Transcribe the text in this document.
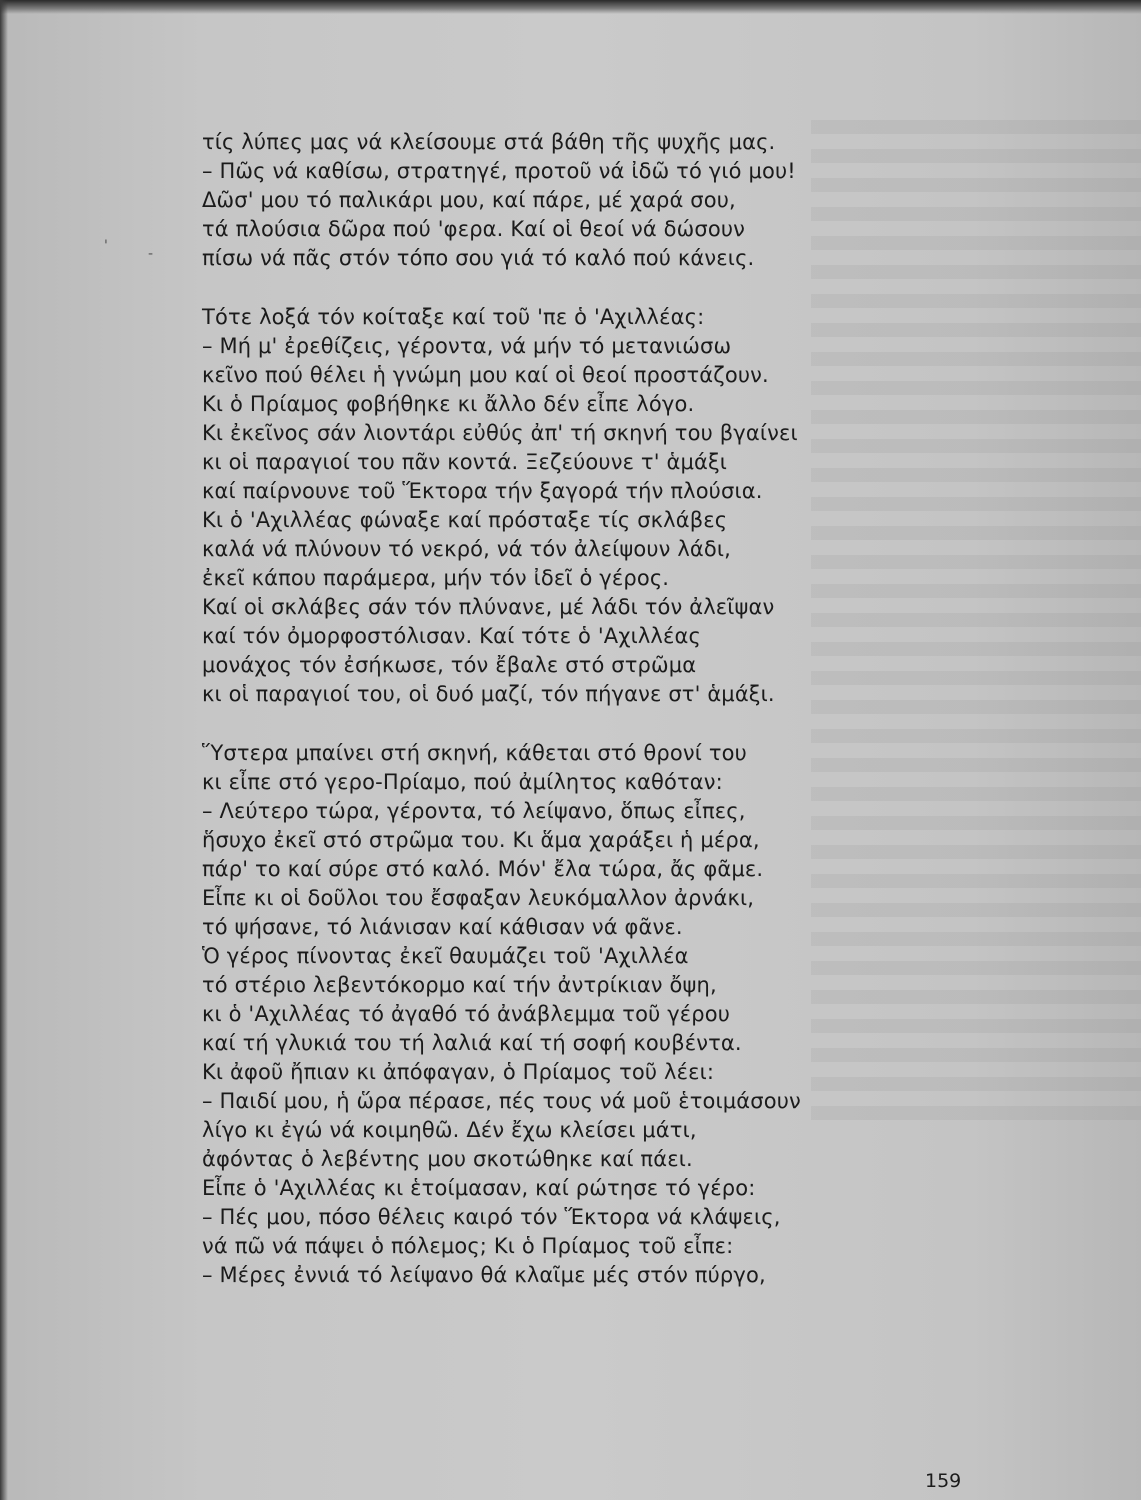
'	-

τίς λύπες μας νά κλείσουμε στά βάθη τῆς ψυχῆς μας.

– Πῶς νά καθίσω, στρατηγέ, προτοῦ νά ἰδῶ τό γιό μου!

Δῶσ' μου τό παλικάρι μου, καί πάρε, μέ χαρά σου,

τά πλούσια δῶρα πού 'φερα. Καί οἱ θεοί νά δώσουν

πίσω νά πᾶς στόν τόπο σου γιά τό καλό πού κάνεις.

Τότε λοξά τόν κοίταξε καί τοῦ 'πε ὁ 'Αχιλλέας:

– Μή μ' ἐρεθίζεις, γέροντα, νά μήν τό μετανιώσω

κεῖνο πού θέλει ἡ γνώμη μου καί οἱ θεοί προστάζουν.

Κι ὁ Πρίαμος φοβήθηκε κι ἄλλο δέν εἶπε λόγο.

Κι ἐκεῖνος σάν λιοντάρι εὐθύς ἀπ' τή σκηνή του βγαίνει

κι οἱ παραγιοί του πᾶν κοντά. Ξεζεύουνε τ' ἁμάξι

καί παίρνουνε τοῦ Ἕκτορα τήν ξαγορά τήν πλούσια.

Κι ὁ 'Αχιλλέας φώναξε καί πρόσταξε τίς σκλάβες

καλά νά πλύνουν τό νεκρό, νά τόν ἀλείψουν λάδι,

ἐκεῖ κάπου παράμερα, μήν τόν ἰδεῖ ὁ γέρος.

Καί οἱ σκλάβες σάν τόν πλύνανε, μέ λάδι τόν ἀλεῖψαν

καί τόν ὀμορφοστόλισαν. Καί τότε ὁ 'Αχιλλέας

μονάχος τόν ἐσήκωσε, τόν ἔβαλε στό στρῶμα

κι οἱ παραγιοί του, οἱ δυό μαζί, τόν πήγανε στ' ἁμάξι.

Ὕστερα μπαίνει στή σκηνή, κάθεται στό θρονί του

κι εἶπε στό γερο-Πρίαμο, πού ἀμίλητος καθόταν:

– Λεύτερο τώρα, γέροντα, τό λείψανο, ὅπως εἶπες,

ἥσυχο ἐκεῖ στό στρῶμα του. Κι ἅμα χαράξει ἡ μέρα,

πάρ' το καί σύρε στό καλό. Μόν' ἔλα τώρα, ἄς φᾶμε.

Εἶπε κι οἱ δοῦλοι του ἔσφαξαν λευκόμαλλον ἀρνάκι,

τό ψήσανε, τό λιάνισαν καί κάθισαν νά φᾶνε.

Ὁ γέρος πίνοντας ἐκεῖ θαυμάζει τοῦ 'Αχιλλέα

τό στέριο λεβεντόκορμο καί τήν ἀντρίκιαν ὄψη,

κι ὁ 'Αχιλλέας τό ἀγαθό τό ἀνάβλεμμα τοῦ γέρου

καί τή γλυκιά του τή λαλιά καί τή σοφή κουβέντα.

Κι ἀφοῦ ἤπιαν κι ἀπόφαγαν, ὁ Πρίαμος τοῦ λέει:

– Παιδί μου, ἡ ὥρα πέρασε, πές τους νά μοῦ ἑτοιμάσουν

λίγο κι ἐγώ νά κοιμηθῶ. Δέν ἔχω κλείσει μάτι,

ἀφόντας ὁ λεβέντης μου σκοτώθηκε καί πάει.

Εἶπε ὁ 'Αχιλλέας κι ἑτοίμασαν, καί ρώτησε τό γέρο:

– Πές μου, πόσο θέλεις καιρό τόν Ἕκτορα νά κλάψεις,

νά πῶ νά πάψει ὁ πόλεμος; Κι ὁ Πρίαμος τοῦ εἶπε:

– Μέρες ἐννιά τό λείψανο θά κλαῖμε μές στόν πύργο,

159
